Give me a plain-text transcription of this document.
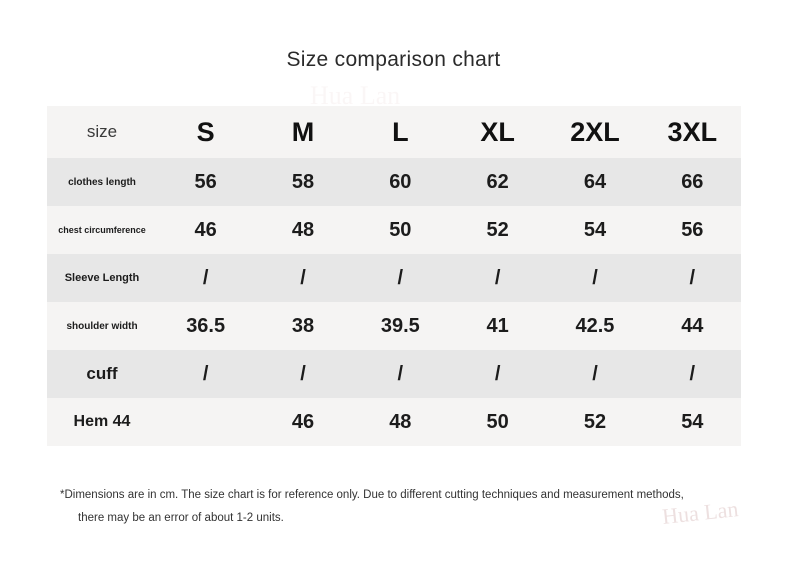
Size comparison chart
Hua Lan
size	S	M	L	XL	2XL	3XL
clothes length	56	58	60	62	64	66
chest circumference	46	48	50	52	54	56
Sleeve Length	/	/	/	/	/	/
shoulder width	36.5	38	39.5	41	42.5	44
cuff	/	/	/	/	/	/
Hem 44		46	48	50	52	54
*Dimensions are in cm. The size chart is for reference only. Due to different cutting techniques and measurement methods,
there may be an error of about 1-2 units.	Hua Lan
